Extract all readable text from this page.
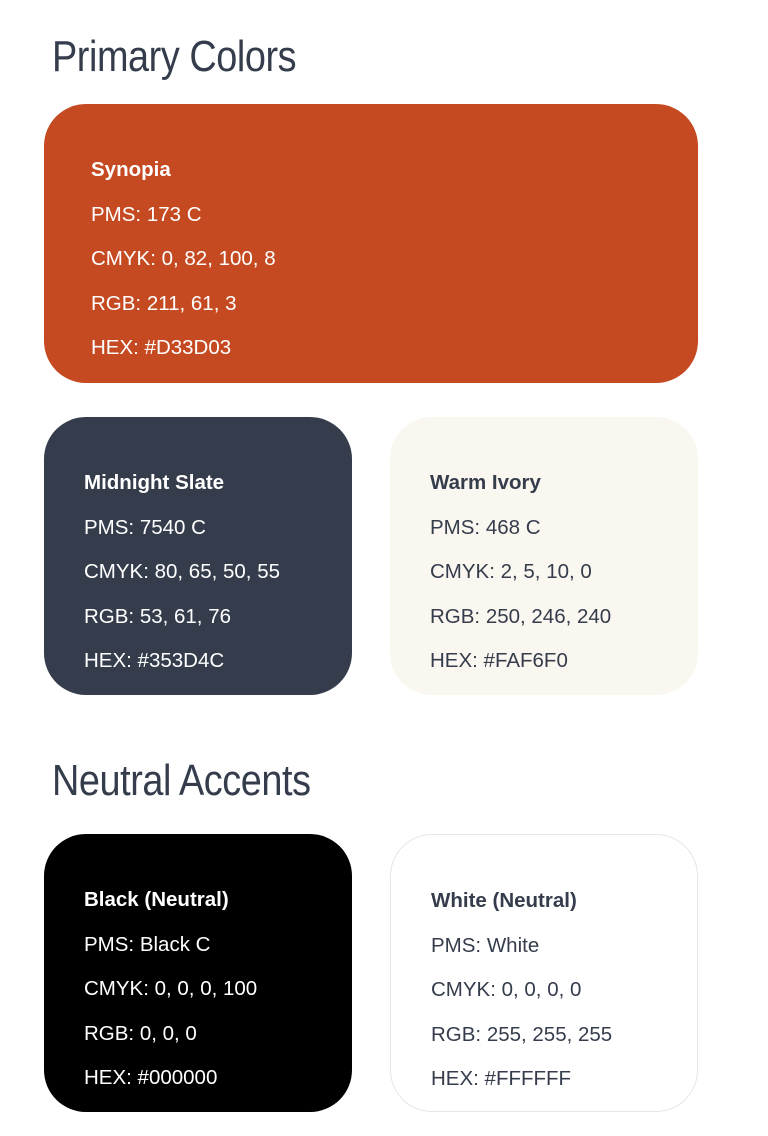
Primary Colors
Synopia
PMS: 173 C
CMYK: 0, 82, 100, 8
RGB: 211, 61, 3
HEX: #D33D03
Midnight Slate
PMS: 7540 C
CMYK: 80, 65, 50, 55
RGB: 53, 61, 76
HEX: #353D4C
Warm Ivory
PMS: 468 C
CMYK: 2, 5, 10, 0
RGB: 250, 246, 240
HEX: #FAF6F0
Neutral Accents
Black (Neutral)
PMS: Black C
CMYK: 0, 0, 0, 100
RGB: 0, 0, 0
HEX: #000000
White (Neutral)
PMS: White
CMYK: 0, 0, 0, 0
RGB: 255, 255, 255
HEX: #FFFFFF
